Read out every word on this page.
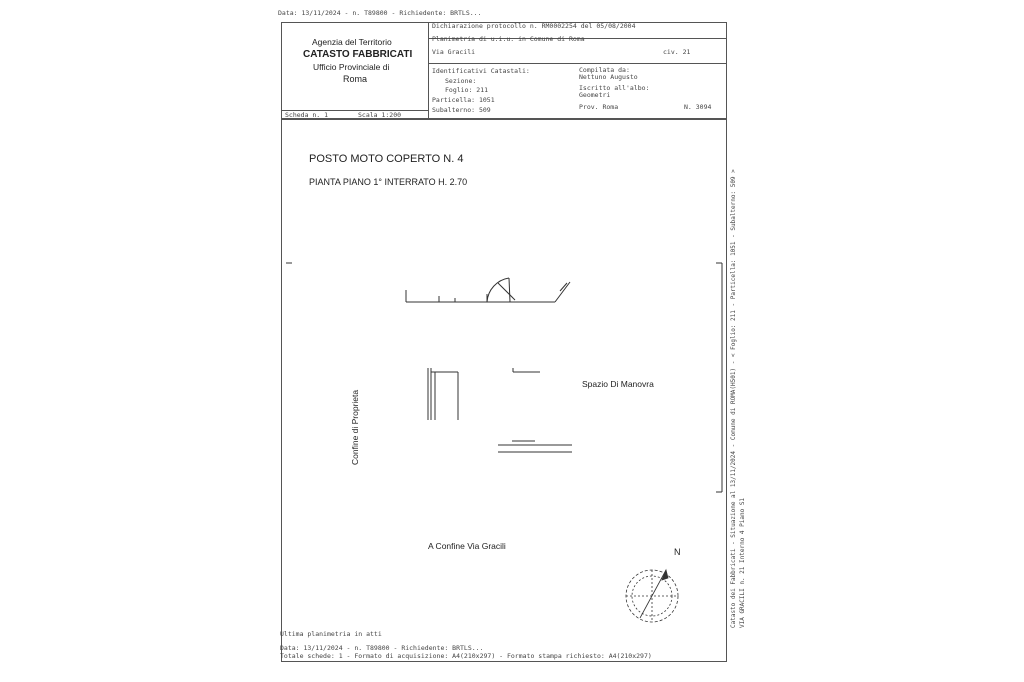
Data: 13/11/2024 - n. T89800 - Richiedente: BRTLS...
Agenzia del Territorio
CATASTO FABBRICATI
Ufficio Provinciale di
Roma
Dichiarazione protocollo n. RM0002254 del 05/08/2004
Planimetria di u.i.u. in Comune di Roma
Via Gracili	civ. 21
Identificativi Catastali:
Sezione:
Foglio: 211
Particella: 1051
Subalterno: 509
Compilata da:
Nettuno Augusto
Iscritto all'albo:
Geometri
Prov. Roma	N. 3094
Scheda n. 1	Scala 1:200
POSTO MOTO COPERTO N. 4
PIANTA PIANO 1° INTERRATO H. 2.70
Spazio Di Manovra
Confine di Proprieta
A Confine Via Gracili
N	Catasto dei Fabbricati - Situazione al 13/11/2024 - Comune di ROMA(H501) - < Foglio: 211 - Particella: 1051 - Subalterno: 509 > VIA GRACILI n. 21 Interno 4 Piano S1
Ultima planimetria in atti
Data: 13/11/2024 - n. T89800 - Richiedente: BRTLS...
Totale schede: 1 - Formato di acquisizione: A4(210x297) - Formato stampa richiesto: A4(210x297)
